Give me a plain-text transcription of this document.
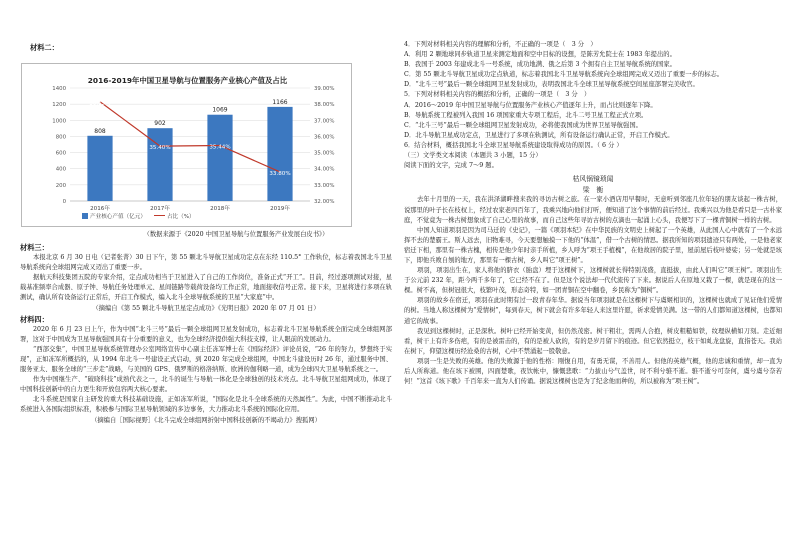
材料二：
2016-2019年中国卫星导航与位置服务产业核心产值及占比
0
200
400
600
800
1000
1200
1400
32.00%
33.00%
34.00%
35.00%
36.00%
37.00%
38.00%
39.00%
808
2016年
902
2017年
1069
2018年
1166
2019年
38.15%
35.40%	35.44%
33.80%
产业核心产值（亿元）	占比（%）

（数据来源于《2020 中国卫星导航与位置服务产业发展白皮书》）

材料三：

本报北京 6 月 30 日电（记者张菁）30 日下午，第 55 颗北斗导航卫星成功定点在东经 110.5° 工作轨位，标志着我国北斗卫星导航系统向全球组网完成又迈出了重要一步。

据航天科技集团五院的专家介绍，定点成功相当于卫星进入了自己的工作岗位，准备正式“开工”。目前，经过逐项测试对接，星载基准频率合成器、原子钟、导航任务处理单元、星间链路等载荷设备均工作正常，地面接收信号正常。接下来，卫星将进行多项在轨测试，确认所有设备运行正常后，开启工作模式，编入北斗全球导航系统的卫星“大家庭”中。

（摘编自《第 55 颗北斗导航卫星定点成功》《光明日报》2020 年 07 月 01 日）

材料四：

2020 年 6 月 23 日上午，作为中国“北斗三号”最后一颗全球组网卫星发射成功，标志着北斗卫星导航系统全面完成全球组网部署，这对于中国成为卫星导航强国具有十分重要的意义，也为全球经济提供强大科技支撑，让人眼前的发展动力。

“西部交集”，中国卫星导航系统管理办公室网络宣传中心副主任冻军博士在《国际经济》评论员说，“26 年的努力，梦想终于实现”，正如冻军所概括的，从 1994 年北斗一号建设正式启动，到 2020 年完成全球组网，中国北斗建设历时 26 年，通过服务中国、服务亚太、服务全球的“三步走”战略，与美国的 GPS、俄罗斯的格洛纳斯、欧洲的伽利略一道，成为全球四大卫星导航系统之一。

作为中国继生产、“破晓科技”成熟代表之一，北斗的诞生与导航一体化是全球独创的技术亮点。北斗导航卫星组网成功，体现了中国科技创新中的自力更生和开放包容两大核心要素。

北斗系统是国家自主研发的重大科技基础设施，正如冻军所说，“国际化是北斗全球系统的天然属性”。为此，中国不断推动北斗系统进入各国际组织标准，积极参与国际卫星导航领域的多边事务，大力推动北斗系统的国际化应用。

（摘编自［国际视野］《北斗完成全球组网折射中国科技创新的不竭动力》搜狐网）

4．下列对材料相关内容的理解和分析，不正确的一项是（　3 分　）
A．利用 2 颗地球同步轨道卫星来测定地面和空中目标的设想，是陈芳允院士在 1983 年提出的。
B．我国于 2003 年建成北斗一号系统，成功地满、俄之后第 3 个拥有自主卫星导航系统的国家。
C．第 55 颗北斗导航卫星成功定点轨道，标志着我国北斗卫星导航系统向全球组网完成又迈出了重要一步的标志。
D．“北斗三号”最后一颗全球组网卫星发射成功，表明我国北斗全球卫星导航系统空间星座部署完美收官。
5．下列对材料相关内容的概括和分析，正确的一项是（　3 分　）
A．2016～2019 年中国卫星导航与位置服务产业核心产值逐年上升，而占比则逐年下降。
B．导航系统工程被列入我国 16 项国家重大专项工程后，北斗二号卫星工程正式立项。
C．“北斗三号”最后一颗全球组网卫星发射成功，必将使我国成为世界卫星导航强国。
D．北斗导航卫星成功定点，卫星进行了多项在轨测试，所有设备运行确认正常，开启工作模式。
6．结合材料，概括我国北斗全球卫星导航系统建设取得成功的原因。（ 6 分 ）
（三）文学类文本阅读（本题共 3 小题，15 分）
阅读下面的文字，完成 7～9 题。
枯风锅镜琐闻
梁　衡

去年十月里的一天，我在洪泽湖畔搜来我的寻访古树之旅。在一家小酒店用早餐时，无意听到邻座几位年轻的朋友谈起一株古树，说那里的叶子长在枝杈上，经过农家老四百年了，我乘兴地向他们打听，便知道了这个事情的前后经过。我乘兴以为他是看只是一古朴家庭，不觉竟为一株古树想象成了自己心里的故事，而自己这些年寻访古树的点滴也一起涌上心头，我便写下了一棵青铜树一样的古树。

中国人知道项羽是因为司马迁的《史记》，一篇《项羽本纪》在中华民族的文明史上树起了一个英雄，从此国人心中就有了一个永远挥不去的楚霸王。斯人远去，旧物难寻，今天要想触摸一下他的“体温”，借一个古树的情思。据我所知的项羽遗迹只有两处，一是他老家宿迁下相，那里有一株古槐，相传是他少年时亲手所植，乡人呼为“项王手植槐”，在他故居的院子里，屋前屋后枝叶婆娑；另一处就是垓下，即他兵败自刎的地方，那里有一棵古树，乡人叫它“项王树”。

项羽，项羽出生在，家人将他的脐衣（胎盘）埋于这棵树下，这棵树就长得特别茂盛，直挺拔，由此人们叫它“项王树”。项羽出生于公元前 232 年，距今两千多年了，它已经不在了。但是这个说法却一代代流传了下来。据说后人在原地又栽了一棵，就是现在的这一棵。树不高，但树冠很大，枝繁叶茂，形态奇特，如一团青铜在空中翻卷，乡民称为“铜树”。

项羽的故乡在宿迁，项羽在此时期有过一段青春年华。据说当年项羽就是在这棵树下与虞姬相识的，这棵树也就成了见证他们爱情的树。当地人称这棵树为“爱情树”，每到春天，树下就会有许多年轻人来这里许愿，祈求爱情美满。这一带的人们都知道这棵树，也都知道它的故事。

我见到这棵树时，正是深秋。树叶已经开始变黄，但仍然茂密。树干粗壮，需两人合抱，树皮粗糙如铁，纹理纵横如刀刻。走近细看，树干上有许多伤疤，有的是被雷击的，有的是被人砍的，有的是岁月留下的痕迹。但它依然挺立，枝干如虬龙盘旋，直指苍天。我站在树下，仰望这棵历经沧桑的古树，心中不禁涌起一股敬意。

项羽一生是失败的英雄。他的失败源于他的性格：刚愎自用，有勇无谋，不善用人。但他的英雄气概，他的忠诚和重情，却一直为后人所称道。他在垓下被围，四面楚歌，夜饮帐中，慷慨悲歌：“力拔山兮气盖世，时不利兮骓不逝。骓不逝兮可奈何，虞兮虞兮奈若何！”这首《垓下歌》千百年来一直为人们传诵。据说这棵树也是为了纪念他而种的，所以被称为“项王树”。
